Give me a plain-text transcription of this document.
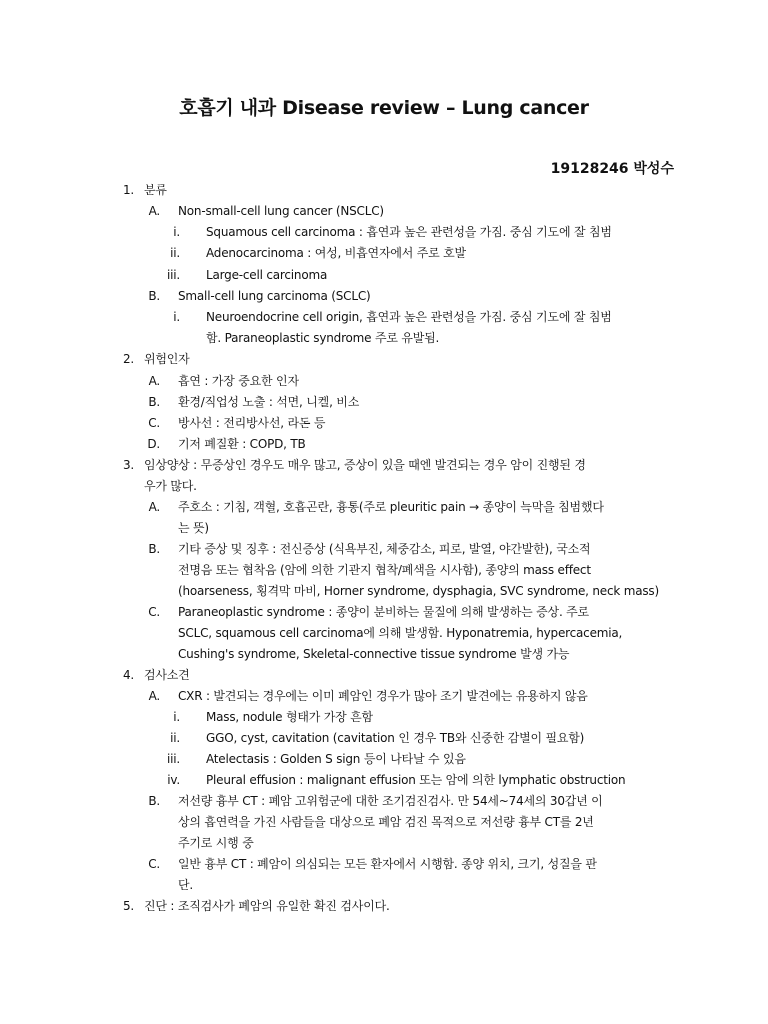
호흡기 내과 Disease review – Lung cancer
19128246 박성수
1. 분류
A. Non-small-cell lung cancer (NSCLC)
i. Squamous cell carcinoma : 흡연과 높은 관련성을 가짐. 중심 기도에 잘 침범
ii. Adenocarcinoma : 여성, 비흡연자에서 주로 호발
iii. Large-cell carcinoma
B. Small-cell lung carcinoma (SCLC)
i. Neuroendocrine cell origin, 흡연과 높은 관련성을 가짐. 중심 기도에 잘 침범
함. Paraneoplastic syndrome 주로 유발됨.
2. 위험인자
A. 흡연 : 가장 중요한 인자
B. 환경/직업성 노출 : 석면, 니켈, 비소
C. 방사선 : 전리방사선, 라돈 등
D. 기저 폐질환 : COPD, TB
3. 임상양상 : 무증상인 경우도 매우 많고, 증상이 있을 때엔 발견되는 경우 암이 진행된 경
우가 많다.
A. 주호소 : 기침, 객혈, 호흡곤란, 흉통(주로 pleuritic pain → 종양이 늑막을 침범했다
는 뜻)
B. 기타 증상 및 징후 : 전신증상 (식욕부진, 체중감소, 피로, 발열, 야간발한), 국소적
전명음 또는 협착음 (암에 의한 기관지 협착/폐색을 시사함), 종양의 mass effect
(hoarseness, 횡격막 마비, Horner syndrome, dysphagia, SVC syndrome, neck mass)
C. Paraneoplastic syndrome : 종양이 분비하는 물질에 의해 발생하는 증상. 주로
SCLC, squamous cell carcinoma에 의해 발생함. Hyponatremia, hypercacemia,
Cushing's syndrome, Skeletal-connective tissue syndrome 발생 가능
4. 검사소견
A. CXR : 발견되는 경우에는 이미 폐암인 경우가 많아 조기 발견에는 유용하지 않음
i. Mass, nodule 형태가 가장 흔함
ii. GGO, cyst, cavitation (cavitation 인 경우 TB와 신중한 감별이 필요함)
iii. Atelectasis : Golden S sign 등이 나타날 수 있음
iv. Pleural effusion : malignant effusion 또는 암에 의한 lymphatic obstruction
B. 저선량 흉부 CT : 폐암 고위험군에 대한 조기검진검사. 만 54세~74세의 30갑년 이
상의 흡연력을 가진 사람들을 대상으로 폐암 검진 목적으로 저선량 흉부 CT를 2년
주기로 시행 중
C. 일반 흉부 CT : 폐암이 의심되는 모든 환자에서 시행함. 종양 위치, 크기, 성질을 판
단.
5. 진단 : 조직검사가 폐암의 유일한 확진 검사이다.
